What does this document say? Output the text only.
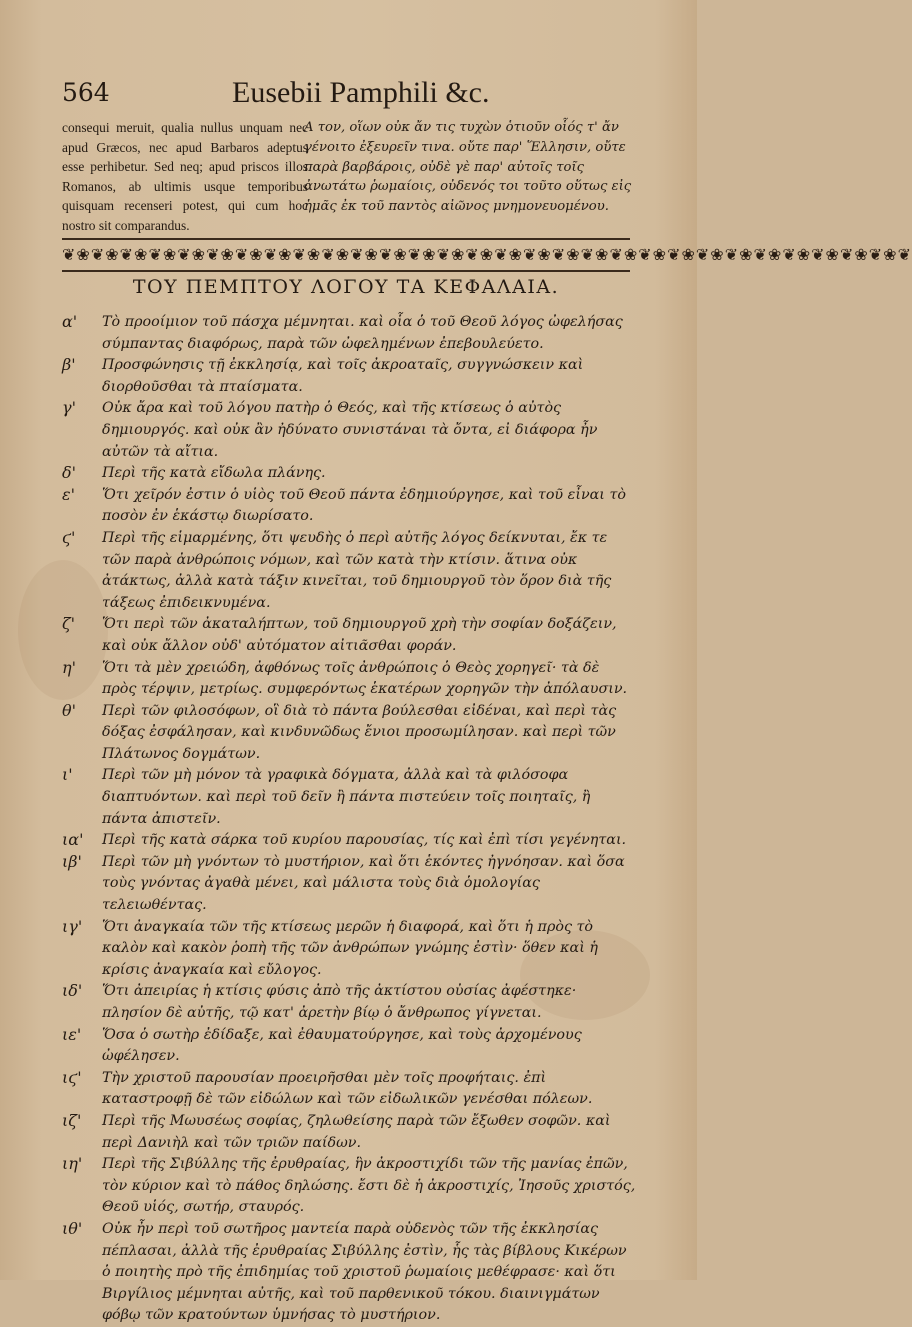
564	Eusebii Pamphili &c.
consequi meruit, qualia nullus unquam nec apud Græcos, nec apud Barbaros adeptus esse perhibetur. Sed neq; apud priscos illos Romanos, ab ultimis usque temporibus quisquam recenseri potest, qui cum hoc nostro sit comparandus.
Α τον, οἵων οὐκ ἄν τις τυχὼν ὁτιοῦν οἷός τ' ἄν γένοιτο ἐξευρεῖν τινα. οὔτε παρ' Ἕλλησιν, οὔτε παρὰ βαρβάροις, οὐδὲ γὲ παρ' αὐτοῖς τοῖς ἀνωτάτω ῥωμαίοις, οὐδενός τοι τοῦτο οὕτως εἰς ἡμᾶς ἐκ τοῦ παντὸς αἰῶνος μνημονευομένου.
❦❀❦❀❦❀❦❀❦❀❦❀❦❀❦❀❦❀❦❀❦❀❦❀❦❀❦❀❦❀❦❀❦❀❦❀❦❀❦❀❦❀❦❀❦❀❦❀❦❀❦❀❦❀❦❀❦❀❦
ΤΟΥ ΠΕΜΠΤΟΥ ΛΟΓΟΥ ΤΑ ΚΕΦΑΛΑΙΑ.
α' Τὸ προοίμιον τοῦ πάσχα μέμνηται. καὶ οἷα ὁ τοῦ Θεοῦ λόγος ὠφελήσας σύμπαντας διαφόρως, παρὰ τῶν ὠφελημένων ἐπεβουλεύετο.
β' Προσφώνησις τῇ ἐκκλησίᾳ, καὶ τοῖς ἀκροαταῖς, συγγνώσκειν καὶ διορθοῦσθαι τὰ πταίσματα.
γ' Οὐκ ἄρα καὶ τοῦ λόγου πατὴρ ὁ Θεός, καὶ τῆς κτίσεως ὁ αὐτὸς δημιουργός. καὶ οὐκ ἂν ἠδύνατο συνιστάναι τὰ ὄντα, εἰ διάφορα ἦν αὐτῶν τὰ αἴτια.
δ' Περὶ τῆς κατὰ εἴδωλα πλάνης.
ε' Ὅτι χεῖρόν ἐστιν ὁ υἱὸς τοῦ Θεοῦ πάντα ἐδημιούργησε, καὶ τοῦ εἶναι τὸ ποσὸν ἐν ἑκάστῳ διωρίσατο.
ϛ' Περὶ τῆς εἱμαρμένης, ὅτι ψευδὴς ὁ περὶ αὐτῆς λόγος δείκνυται, ἔκ τε τῶν παρὰ ἀνθρώποις νόμων, καὶ τῶν κατὰ τὴν κτίσιν. ἅτινα οὐκ ἀτάκτως, ἀλλὰ κατὰ τάξιν κινεῖται, τοῦ δημιουργοῦ τὸν ὅρον διὰ τῆς τάξεως ἐπιδεικνυμένα.
ζ' Ὅτι περὶ τῶν ἀκαταλήπτων, τοῦ δημιουργοῦ χρὴ τὴν σοφίαν δοξάζειν, καὶ οὐκ ἄλλον οὐδ' αὐτόματον αἰτιᾶσθαι φοράν.
η' Ὅτι τὰ μὲν χρειώδη, ἀφθόνως τοῖς ἀνθρώποις ὁ Θεὸς χορηγεῖ· τὰ δὲ πρὸς τέρψιν, μετρίως. συμφερόντως ἑκατέρων χορηγῶν τὴν ἀπόλαυσιν.
θ' Περὶ τῶν φιλοσόφων, οἳ διὰ τὸ πάντα βούλεσθαι εἰδέναι, καὶ περὶ τὰς δόξας ἐσφάλησαν, καὶ κινδυνῶδως ἔνιοι προσωμίλησαν. καὶ περὶ τῶν Πλάτωνος δογμάτων.
ι' Περὶ τῶν μὴ μόνον τὰ γραφικὰ δόγματα, ἀλλὰ καὶ τὰ φιλόσοφα διαπτυόντων. καὶ περὶ τοῦ δεῖν ἢ πάντα πιστεύειν τοῖς ποιηταῖς, ἢ πάντα ἀπιστεῖν.
ια' Περὶ τῆς κατὰ σάρκα τοῦ κυρίου παρουσίας, τίς καὶ ἐπὶ τίσι γεγένηται.
ιβ' Περὶ τῶν μὴ γνόντων τὸ μυστήριον, καὶ ὅτι ἑκόντες ἠγνόησαν. καὶ ὅσα τοὺς γνόντας ἀγαθὰ μένει, καὶ μάλιστα τοὺς διὰ ὁμολογίας τελειωθέντας.
ιγ' Ὅτι ἀναγκαία τῶν τῆς κτίσεως μερῶν ἡ διαφορά, καὶ ὅτι ἡ πρὸς τὸ καλὸν καὶ κακὸν ῥοπὴ τῆς τῶν ἀνθρώπων γνώμης ἐστὶν· ὅθεν καὶ ἡ κρίσις ἀναγκαία καὶ εὔλογος.
ιδ' Ὅτι ἀπειρίας ἡ κτίσις φύσις ἀπὸ τῆς ἀκτίστου οὐσίας ἀφέστηκε· πλησίον δὲ αὐτῆς, τῷ κατ' ἀρετὴν βίῳ ὁ ἄνθρωπος γίγνεται.
ιε' Ὅσα ὁ σωτὴρ ἐδίδαξε, καὶ ἐθαυματούργησε, καὶ τοὺς ἀρχομένους ὠφέλησεν.
ιϛ' Τὴν χριστοῦ παρουσίαν προειρῆσθαι μὲν τοῖς προφήταις. ἐπὶ καταστροφῇ δὲ τῶν εἰδώλων καὶ τῶν εἰδωλικῶν γενέσθαι πόλεων.
ιζ' Περὶ τῆς Μωυσέως σοφίας, ζηλωθείσης παρὰ τῶν ἔξωθεν σοφῶν. καὶ περὶ Δανιὴλ καὶ τῶν τριῶν παίδων.
ιη' Περὶ τῆς Σιβύλλης τῆς ἐρυθραίας, ἣν ἀκροστιχίδι τῶν τῆς μανίας ἐπῶν, τὸν κύριον καὶ τὸ πάθος δηλώσης. ἔστι δὲ ἡ ἀκροστιχίς, Ἰησοῦς χριστός, Θεοῦ υἱός, σωτήρ, σταυρός.
ιθ' Οὐκ ἦν περὶ τοῦ σωτῆρος μαντεία παρὰ οὐδενὸς τῶν τῆς ἐκκλησίας πέπλασαι, ἀλλὰ τῆς ἐρυθραίας Σιβύλλης ἐστὶν, ἧς τὰς βίβλους Κικέρων ὁ ποιητὴς πρὸ τῆς ἐπιδημίας τοῦ χριστοῦ ῥωμαίοις μεθέφρασε· καὶ ὅτι Βιργίλιος μέμνηται αὐτῆς, καὶ τοῦ παρθενικοῦ τόκου. διαινιγμάτων φόβῳ τῶν κρατούντων ὑμνήσας τὸ μυστήριον.
